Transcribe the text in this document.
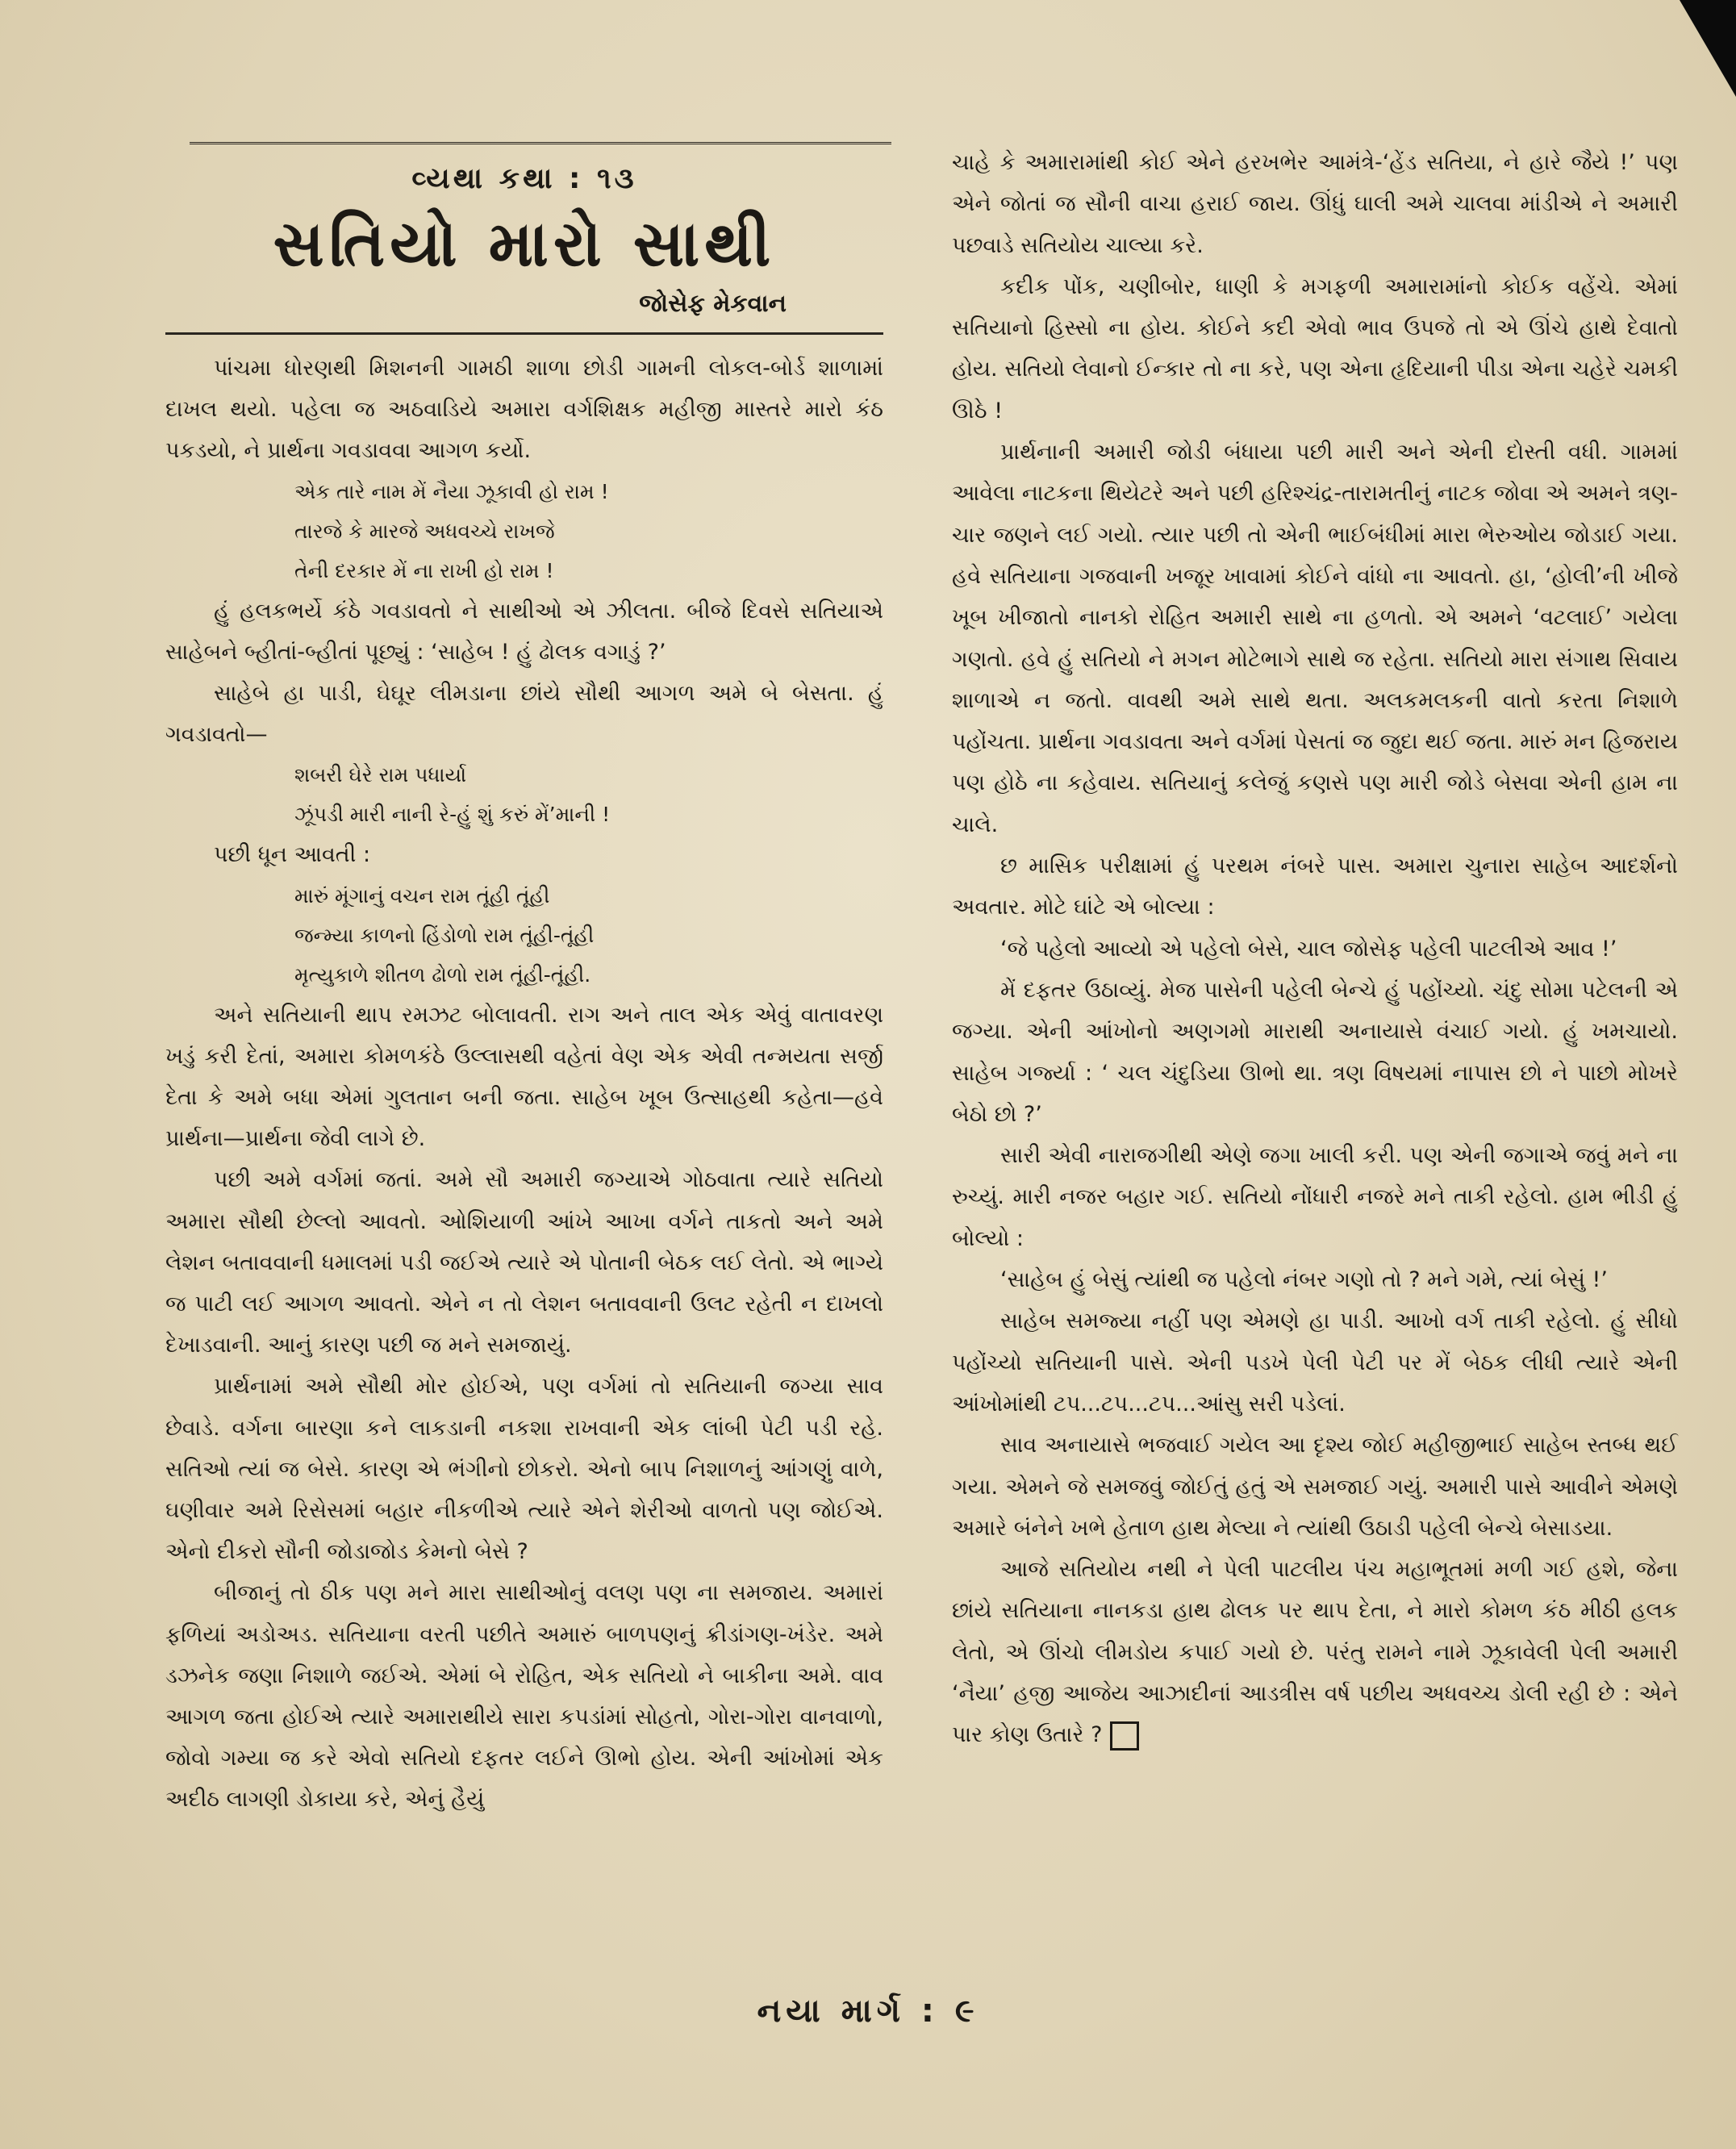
વ્યથા કથા : ૧૩
સતિયો મારો સાથી
જોસેફ મેકવાન

પાંચમા ધોરણથી મિશનની ગામઠી શાળા છોડી ગામની લોકલ-બોર્ડ શાળામાં દાખલ થયો. પહેલા જ અઠવાડિયે અમારા વર્ગશિક્ષક મહીજી માસ્તરે મારો કંઠ પકડયો, ને પ્રાર્થના ગવડાવવા આગળ કર્યો.

એક તારે નામ મેં નૈયા ઝૂકાવી હો રામ !
તારજે કે મારજે અધવચ્ચે રાખજે
તેની દરકાર મેં ના રાખી હો રામ !

હું હલકભર્યે કંઠે ગવડાવતો ને સાથીઓ એ ઝીલતા. બીજે દિવસે સતિયાએ સાહેબને બ્હીતાં-બ્હીતાં પૂછ્યું : ‘સાહેબ ! હું ઢોલક વગાડું ?’

સાહેબે હા પાડી, ઘેઘૂર લીમડાના છાંયે સૌથી આગળ અમે બે બેસતા. હું ગવડાવતો—

શબરી ઘેરે રામ પધાર્યા
ઝૂંપડી મારી નાની રે-હું શું કરું મેં’માની !

પછી ધૂન આવતી :

મારું મૂંગાનું વચન રામ તૂંહી તૂંહી
જન્મ્યા કાળનો હિંડોળો રામ તૂંહી-તૂંહી
મૃત્યુકાળે શીતળ ઢોળો રામ તૂંહી-તૂંહી.

અને સતિયાની થાપ રમઝટ બોલાવતી. રાગ અને તાલ એક એવું વાતાવરણ ખડું કરી દેતાં, અમારા કોમળકંઠે ઉલ્લાસથી વહેતાં વેણ એક એવી તન્મયતા સર્જી દેતા કે અમે બધા એમાં ગુલતાન બની જતા. સાહેબ ખૂબ ઉત્સાહથી કહેતા—હવે પ્રાર્થના—પ્રાર્થના જેવી લાગે છે.

પછી અમે વર્ગમાં જતાં. અમે સૌ અમારી જગ્યાએ ગોઠવાતા ત્યારે સતિયો અમારા સૌથી છેલ્લો આવતો. ઓશિયાળી આંખે આખા વર્ગને તાકતો અને અમે લેશન બતાવવાની ધમાલમાં પડી જઈએ ત્યારે એ પોતાની બેઠક લઈ લેતો. એ ભાગ્યે જ પાટી લઈ આગળ આવતો. એને ન તો લેશન બતાવવાની ઉલટ રહેતી ન દાખલો દેખાડવાની. આનું કારણ પછી જ મને સમજાયું.

પ્રાર્થનામાં અમે સૌથી મોર હોઈએ, પણ વર્ગમાં તો સતિયાની જગ્યા સાવ છેવાડે. વર્ગના બારણા કને લાકડાની નકશા રાખવાની એક લાંબી પેટી પડી રહે. સતિઓ ત્યાં જ બેસે. કારણ એ ભંગીનો છોકરો. એનો બાપ નિશાળનું આંગણું વાળે, ઘણીવાર અમે રિસેસમાં બહાર નીકળીએ ત્યારે એને શેરીઓ વાળતો પણ જોઈએ. એનો દીકરો સૌની જોડાજોડ કેમનો બેસે ?

બીજાનું તો ઠીક પણ મને મારા સાથીઓનું વલણ પણ ના સમજાય. અમારાં ફળિયાં અડોઅડ. સતિયાના વરતી પછીતે અમારું બાળપણનું ક્રીડાંગણ-ખંડેર. અમે ડઝનેક જણા નિશાળે જઈએ. એમાં બે રોહિત, એક સતિયો ને બાકીના અમે. વાવ આગળ જતા હોઈએ ત્યારે અમારાથીયે સારા કપડાંમાં સોહતો, ગોરા-ગોરા વાનવાળો, જોવો ગમ્યા જ કરે એવો સતિયો દફતર લઈને ઊભો હોય. એની આંખોમાં એક અદીઠ લાગણી ડોકાયા કરે, એનું હૈયું

ચાહે કે અમારામાંથી કોઈ એને હરખભેર આમંત્રે-‘હેંડ સતિયા, ને હારે જૈયે !’ પણ એને જોતાં જ સૌની વાચા હરાઈ જાય. ઊંધું ઘાલી અમે ચાલવા માંડીએ ને અમારી પછવાડે સતિયોય ચાલ્યા કરે.

કદીક પોંક, ચણીબોર, ધાણી કે મગફળી અમારામાંનો કોઈક વહેંચે. એમાં સતિયાનો હિસ્સો ના હોય. કોઈને કદી એવો ભાવ ઉપજે તો એ ઊંચે હાથે દેવાતો હોય. સતિયો લેવાનો ઈન્કાર તો ના કરે, પણ એના હૃદિયાની પીડા એના ચહેરે ચમકી ઊઠે !

પ્રાર્થનાની અમારી જોડી બંધાયા પછી મારી અને એની દોસ્તી વધી. ગામમાં આવેલા નાટકના થિયેટરે અને પછી હરિશ્ચંદ્ર-તારામતીનું નાટક જોવા એ અમને ત્રણ-ચાર જણને લઈ ગયો. ત્યાર પછી તો એની ભાઈબંધીમાં મારા ભેરુઓય જોડાઈ ગયા. હવે સતિયાના ગજવાની ખજૂર ખાવામાં કોઈને વાંધો ના આવતો. હા, ‘હોલી’ની ખીજે ખૂબ ખીજાતો નાનકો રોહિત અમારી સાથે ના હળતો. એ અમને ‘વટલાઈ’ ગયેલા ગણતો. હવે હું સતિયો ને મગન મોટેભાગે સાથે જ રહેતા. સતિયો મારા સંગાથ સિવાય શાળાએ ન જતો. વાવથી અમે સાથે થતા. અલકમલકની વાતો કરતા નિશાળે પહોંચતા. પ્રાર્થના ગવડાવતા અને વર્ગમાં પેસતાં જ જુદા થઈ જતા. મારું મન હિજરાય પણ હોઠે ના કહેવાય. સતિયાનું કલેજું કણસે પણ મારી જોડે બેસવા એની હામ ના ચાલે.

છ માસિક પરીક્ષામાં હું પરથમ નંબરે પાસ. અમારા ચુનારા સાહેબ આદર્શનો અવતાર. મોટે ઘાંટે એ બોલ્યા :

‘જે પહેલો આવ્યો એ પહેલો બેસે, ચાલ જોસેફ પહેલી પાટલીએ આવ !’

મેં દફતર ઉઠાવ્યું. મેજ પાસેની પહેલી બેન્ચે હું પહોંચ્યો. ચંદુ સોમા પટેલની એ જગ્યા. એની આંખોનો અણગમો મારાથી અનાયાસે વંચાઈ ગયો. હું ખમચાયો. સાહેબ ગર્જ્યા : ‘ ચલ ચંદુડિયા ઊભો થા. ત્રણ વિષયમાં નાપાસ છો ને પાછો મોખરે બેઠો છો ?’

સારી એવી નારાજગીથી એણે જગા ખાલી કરી. પણ એની જગાએ જવું મને ના રુચ્યું. મારી નજર બહાર ગઈ. સતિયો નોંધારી નજરે મને તાકી રહેલો. હામ ભીડી હું બોલ્યો :

‘સાહેબ હું બેસું ત્યાંથી જ પહેલો નંબર ગણો તો ? મને ગમે, ત્યાં બેસું !’

સાહેબ સમજ્યા નહીં પણ એમણે હા પાડી. આખો વર્ગ તાકી રહેલો. હું સીધો પહોંચ્યો સતિયાની પાસે. એની પડખે પેલી પેટી પર મેં બેઠક લીધી ત્યારે એની આંખોમાંથી ટપ...ટપ...ટપ...આંસુ સરી પડેલાં.

સાવ અનાયાસે ભજવાઈ ગયેલ આ દૃશ્ય જોઈ મહીજીભાઈ સાહેબ સ્તબ્ધ થઈ ગયા. એમને જે સમજવું જોઈતું હતું એ સમજાઈ ગયું. અમારી પાસે આવીને એમણે અમારે બંનેને ખભે હેતાળ હાથ મેલ્યા ને ત્યાંથી ઉઠાડી પહેલી બેન્ચે બેસાડયા.

આજે સતિયોય નથી ને પેલી પાટલીય પંચ મહાભૂતમાં મળી ગઈ હશે, જેના છાંયે સતિયાના નાનકડા હાથ ઢોલક પર થાપ દેતા, ને મારો કોમળ કંઠ મીઠી હલક લેતો, એ ઊંચો લીમડોય કપાઈ ગયો છે. પરંતુ રામને નામે ઝૂકાવેલી પેલી અમારી ‘નૈયા’ હજી આજેય આઝાદીનાં આડત્રીસ વર્ષ પછીય અધવચ્ચ ડોલી રહી છે : એને પાર કોણ ઉતારે ?

નયા માર્ગ : ૯
